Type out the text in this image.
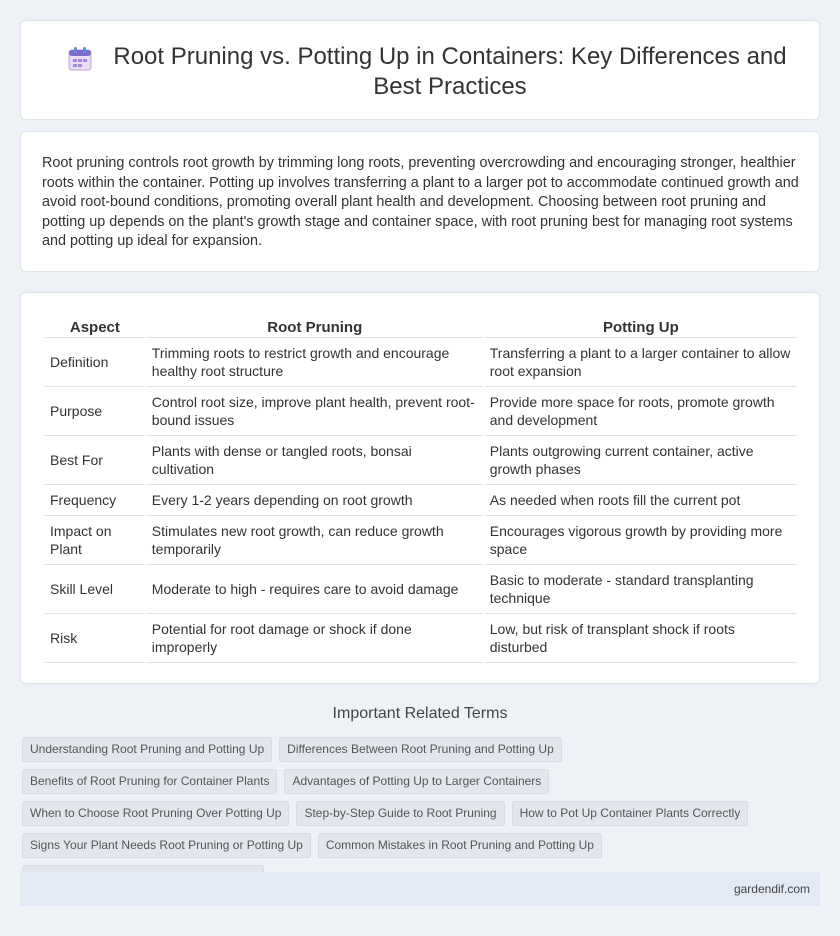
Root Pruning vs. Potting Up in Containers: Key Differences and Best Practices

Root pruning controls root growth by trimming long roots, preventing overcrowding and encouraging stronger, healthier roots within the container. Potting up involves transferring a plant to a larger pot to accommodate continued growth and avoid root-bound conditions, promoting overall plant health and development. Choosing between root pruning and potting up depends on the plant's growth stage and container space, with root pruning best for managing root systems and potting up ideal for expansion.

Aspect	Root Pruning	Potting Up
Definition	Trimming roots to restrict growth and encourage healthy root structure	Transferring a plant to a larger container to allow root expansion
Purpose	Control root size, improve plant health, prevent root-bound issues	Provide more space for roots, promote growth and development
Best For	Plants with dense or tangled roots, bonsai cultivation	Plants outgrowing current container, active growth phases
Frequency	Every 1-2 years depending on root growth	As needed when roots fill the current pot
Impact on Plant	Stimulates new root growth, can reduce growth temporarily	Encourages vigorous growth by providing more space
Skill Level	Moderate to high - requires care to avoid damage	Basic to moderate - standard transplanting technique
Risk	Potential for root damage or shock if done improperly	Low, but risk of transplant shock if roots disturbed
Important Related Terms
Understanding Root Pruning and Potting Up	Differences Between Root Pruning and Potting Up
Benefits of Root Pruning for Container Plants	Advantages of Potting Up to Larger Containers
When to Choose Root Pruning Over Potting Up	Step-by-Step Guide to Root Pruning	How to Pot Up Container Plants Correctly
Signs Your Plant Needs Root Pruning or Potting Up	Common Mistakes in Root Pruning and Potting Up
gardendif.com
